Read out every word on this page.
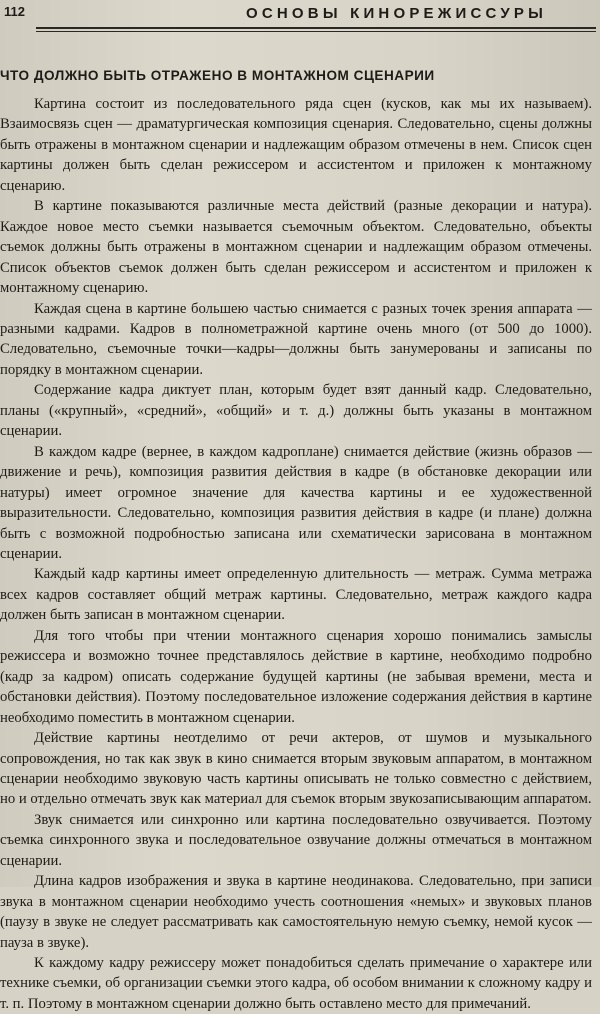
112	ОСНОВЫ КИНОРЕЖИССУРЫ
ЧТО ДОЛЖНО БЫТЬ ОТРАЖЕНО В МОНТАЖНОМ СЦЕНАРИИ

Картина состоит из последовательного ряда сцен (кусков, как мы их называем). Взаимосвязь сцен — драматургическая композиция сценария. Следовательно, сцены должны быть отражены в монтажном сценарии и надлежащим образом отмечены в нем. Список сцен картины должен быть сделан режиссером и ассистентом и приложен к монтажному сценарию.

В картине показываются различные места действий (разные декорации и натура). Каждое новое место съемки называется съемочным объектом. Следовательно, объекты съемок должны быть отражены в монтажном сценарии и надлежащим образом отмечены. Список объектов съемок должен быть сделан режиссером и ассистентом и приложен к монтажному сценарию.

Каждая сцена в картине большею частью снимается с разных точек зрения аппарата — разными кадрами. Кадров в полнометражной картине очень много (от 500 до 1000). Следовательно, съемочные точки—кадры—должны быть занумерованы и записаны по порядку в монтажном сценарии.

Содержание кадра диктует план, которым будет взят данный кадр. Следовательно, планы («крупный», «средний», «общий» и т. д.) должны быть указаны в монтажном сценарии.

В каждом кадре (вернее, в каждом кадроплане) снимается действие (жизнь образов — движение и речь), композиция развития действия в кадре (в обстановке декорации или натуры) имеет огромное значение для качества картины и ее художественной выразительности. Следовательно, композиция развития действия в кадре (и плане) должна быть с возможной подробностью записана или схематически зарисована в монтажном сценарии.

Каждый кадр картины имеет определенную длительность — метраж. Сумма метража всех кадров составляет общий метраж картины. Следовательно, метраж каждого кадра должен быть записан в монтажном сценарии.

Для того чтобы при чтении монтажного сценария хорошо понимались замыслы режиссера и возможно точнее представлялось действие в картине, необходимо подробно (кадр за кадром) описать содержание будущей картины (не забывая времени, места и обстановки действия). Поэтому последовательное изложение содержания действия в картине необходимо поместить в монтажном сценарии.

Действие картины неотделимо от речи актеров, от шумов и музыкального сопровождения, но так как звук в кино снимается вторым звуковым аппаратом, в монтажном сценарии необходимо звуковую часть картины описывать не только совместно с действием, но и отдельно отмечать звук как материал для съемок вторым звукозаписывающим аппаратом.

Звук снимается или синхронно или картина последовательно озвучивается. Поэтому съемка синхронного звука и последовательное озвучание должны отмечаться в монтажном сценарии.

Длина кадров изображения и звука в картине неодинакова. Следовательно, при записи звука в монтажном сценарии необходимо учесть соотношения «немых» и звуковых планов (паузу в звуке не следует рассматривать как самостоятельную немую съемку, немой кусок — пауза в звуке).

К каждому кадру режиссеру может понадобиться сделать примечание о характере или технике съемки, об организации съемки этого кадра, об особом внимании к сложному кадру и т. п. Поэтому в монтажном сценарии должно быть оставлено место для примечаний.
